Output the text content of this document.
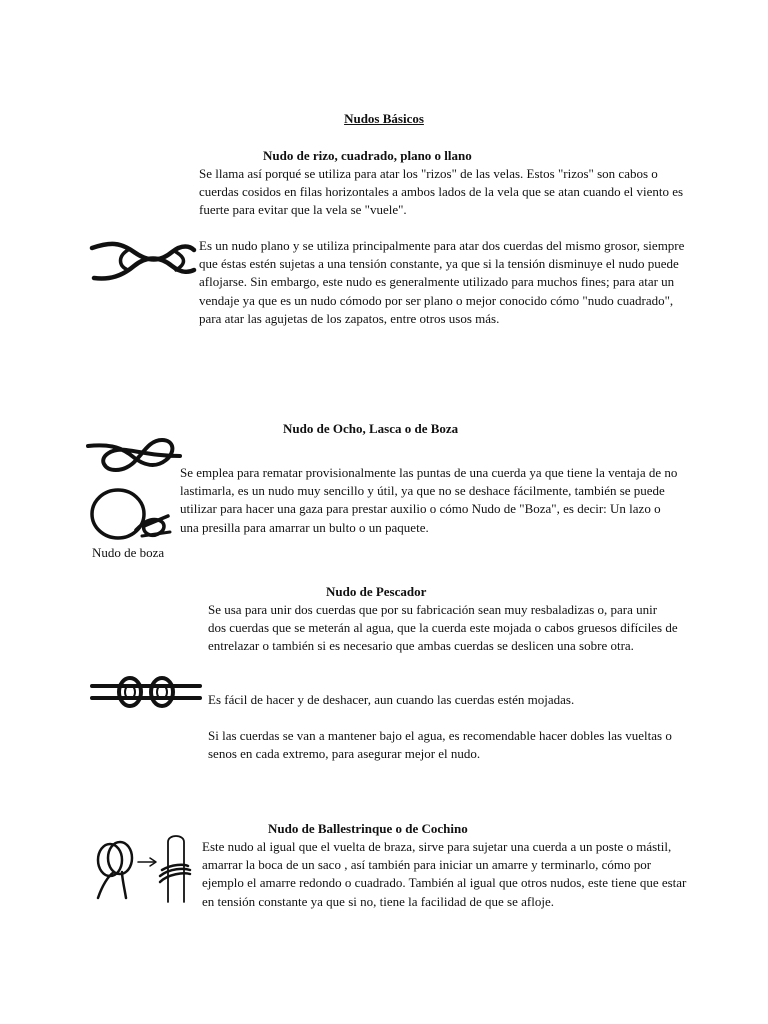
Nudos Básicos
Nudo de rizo, cuadrado, plano o llano
Se llama así porqué se utiliza para atar los "rizos" de las velas. Estos "rizos" son cabos o cuerdas cosidos en filas horizontales a ambos lados de la vela que se atan cuando el viento es fuerte para evitar que la vela se "vuele".
Es un nudo plano y se utiliza principalmente para atar dos cuerdas del mismo grosor, siempre que éstas estén sujetas a una tensión constante, ya que si la tensión disminuye el nudo puede aflojarse. Sin embargo, este nudo es generalmente utilizado para muchos fines; para atar un vendaje ya que es un nudo cómodo por ser plano o mejor conocido cómo "nudo cuadrado", para atar las agujetas de los zapatos, entre otros usos más.
Nudo de Ocho, Lasca o de Boza
Se emplea para rematar provisionalmente las puntas de una cuerda ya que tiene la ventaja de no lastimarla, es un nudo muy sencillo y útil, ya que no se deshace fácilmente, también se puede utilizar para hacer una gaza para prestar auxilio o cómo Nudo de "Boza", es decir: Un lazo o una presilla para amarrar un bulto o un paquete.
Nudo de boza
Nudo de Pescador
Se usa para unir dos cuerdas que por su fabricación sean muy resbaladizas o, para unir dos cuerdas que se meterán al agua, que la cuerda este mojada o cabos gruesos difíciles de entrelazar o también si es necesario que ambas cuerdas se deslicen una sobre otra.
Es fácil de hacer y de deshacer, aun cuando las cuerdas estén mojadas.
Si las cuerdas se van a mantener bajo el agua, es recomendable hacer dobles las vueltas o senos en cada extremo, para asegurar mejor el nudo.
Nudo de Ballestrinque o de Cochino
Este nudo al igual que el vuelta de braza, sirve para sujetar una cuerda a un poste o mástil, amarrar la boca de un saco , así también para iniciar un amarre y terminarlo, cómo por ejemplo el amarre redondo o cuadrado. También al igual que otros nudos, este tiene que estar en tensión constante ya que si no, tiene la facilidad de que se afloje.
